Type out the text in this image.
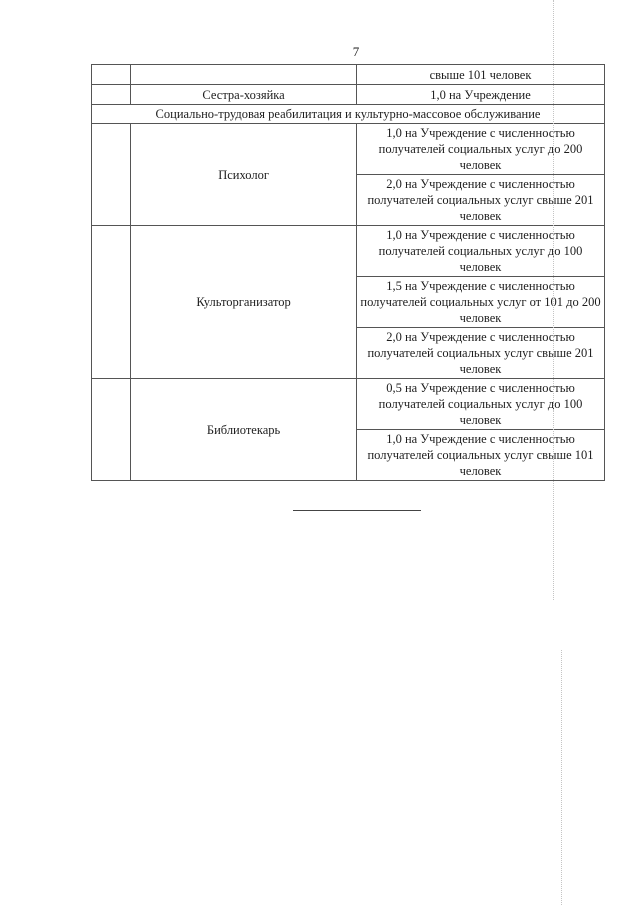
7
		свыше 101 человек
	Сестра-хозяйка	1,0 на Учреждение
Социально-трудовая реабилитация и культурно-массовое обслуживание		
	Психолог	1,0 на Учреждение с численностью получателей социальных услуг до 200 человек
		2,0 на Учреждение с численностью получателей социальных услуг свыше 201 человек
	Культорганизатор	1,0 на Учреждение с численностью получателей социальных услуг до 100 человек
		1,5 на Учреждение с численностью получателей социальных услуг от 101 до 200 человек
		2,0 на Учреждение с численностью получателей социальных услуг свыше 201 человек
	Библиотекарь	0,5 на Учреждение с численностью получателей социальных услуг до 100 человек
		1,0 на Учреждение с численностью получателей социальных услуг свыше 101 человек
